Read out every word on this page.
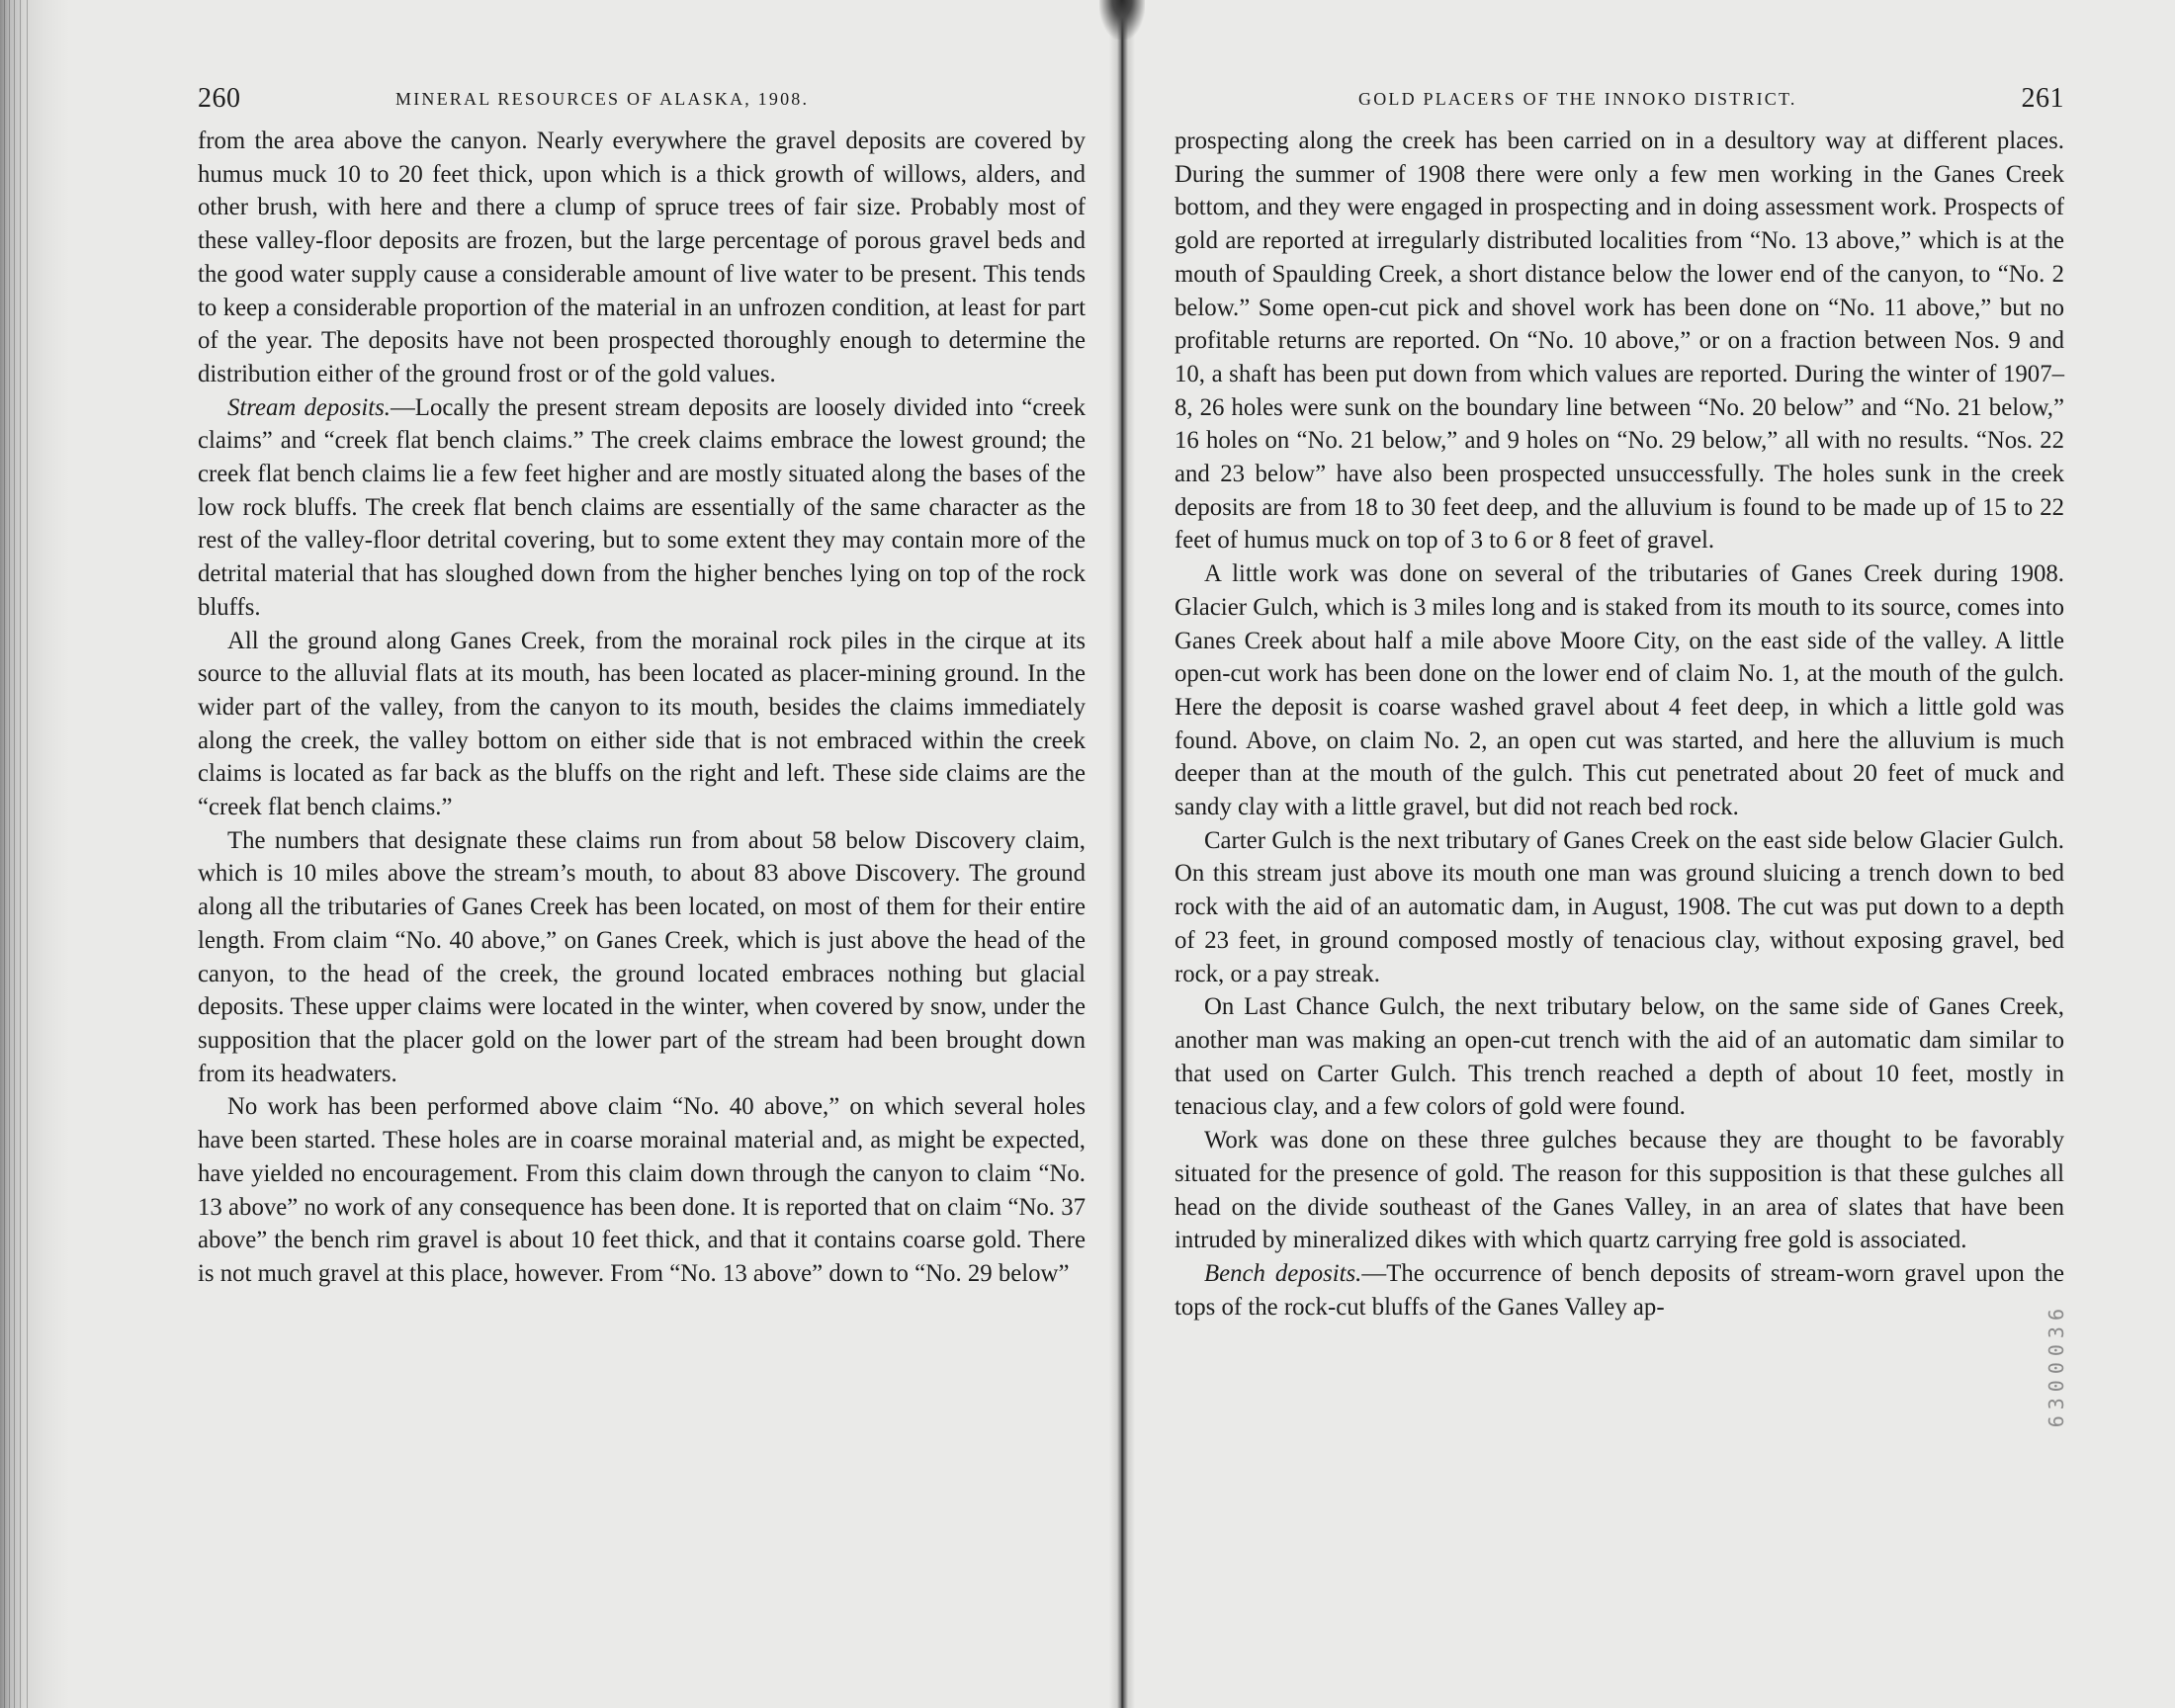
260	MINERAL RESOURCES OF ALASKA, 1908.

from the area above the canyon. Nearly everywhere the gravel deposits are covered by humus muck 10 to 20 feet thick, upon which is a thick growth of willows, alders, and other brush, with here and there a clump of spruce trees of fair size. Probably most of these valley-floor deposits are frozen, but the large percentage of porous gravel beds and the good water supply cause a considerable amount of live water to be present. This tends to keep a considerable proportion of the material in an unfrozen condition, at least for part of the year. The deposits have not been prospected thoroughly enough to determine the distribution either of the ground frost or of the gold values.

Stream deposits.—Locally the present stream deposits are loosely divided into “creek claims” and “creek flat bench claims.” The creek claims embrace the lowest ground; the creek flat bench claims lie a few feet higher and are mostly situated along the bases of the low rock bluffs. The creek flat bench claims are essentially of the same character as the rest of the valley-floor detrital covering, but to some extent they may contain more of the detrital material that has sloughed down from the higher benches lying on top of the rock bluffs.

All the ground along Ganes Creek, from the morainal rock piles in the cirque at its source to the alluvial flats at its mouth, has been located as placer-mining ground. In the wider part of the valley, from the canyon to its mouth, besides the claims immediately along the creek, the valley bottom on either side that is not embraced within the creek claims is located as far back as the bluffs on the right and left. These side claims are the “creek flat bench claims.”

The numbers that designate these claims run from about 58 below Discovery claim, which is 10 miles above the stream’s mouth, to about 83 above Discovery. The ground along all the tributaries of Ganes Creek has been located, on most of them for their entire length. From claim “No. 40 above,” on Ganes Creek, which is just above the head of the canyon, to the head of the creek, the ground located embraces nothing but glacial deposits. These upper claims were located in the winter, when covered by snow, under the supposition that the placer gold on the lower part of the stream had been brought down from its headwaters.

No work has been performed above claim “No. 40 above,” on which several holes have been started. These holes are in coarse morainal material and, as might be expected, have yielded no encouragement. From this claim down through the canyon to claim “No. 13 above” no work of any consequence has been done. It is reported that on claim “No. 37 above” the bench rim gravel is about 10 feet thick, and that it contains coarse gold. There is not much gravel at this place, however. From “No. 13 above” down to “No. 29 below”

GOLD PLACERS OF THE INNOKO DISTRICT.	261

prospecting along the creek has been carried on in a desultory way at different places. During the summer of 1908 there were only a few men working in the Ganes Creek bottom, and they were engaged in prospecting and in doing assessment work. Prospects of gold are reported at irregularly distributed localities from “No. 13 above,” which is at the mouth of Spaulding Creek, a short distance below the lower end of the canyon, to “No. 2 below.” Some open-cut pick and shovel work has been done on “No. 11 above,” but no profitable returns are reported. On “No. 10 above,” or on a fraction between Nos. 9 and 10, a shaft has been put down from which values are reported. During the winter of 1907–8, 26 holes were sunk on the boundary line between “No. 20 below” and “No. 21 below,” 16 holes on “No. 21 below,” and 9 holes on “No. 29 below,” all with no results. “Nos. 22 and 23 below” have also been prospected unsuccessfully. The holes sunk in the creek deposits are from 18 to 30 feet deep, and the alluvium is found to be made up of 15 to 22 feet of humus muck on top of 3 to 6 or 8 feet of gravel.

A little work was done on several of the tributaries of Ganes Creek during 1908. Glacier Gulch, which is 3 miles long and is staked from its mouth to its source, comes into Ganes Creek about half a mile above Moore City, on the east side of the valley. A little open-cut work has been done on the lower end of claim No. 1, at the mouth of the gulch. Here the deposit is coarse washed gravel about 4 feet deep, in which a little gold was found. Above, on claim No. 2, an open cut was started, and here the alluvium is much deeper than at the mouth of the gulch. This cut penetrated about 20 feet of muck and sandy clay with a little gravel, but did not reach bed rock.

Carter Gulch is the next tributary of Ganes Creek on the east side below Glacier Gulch. On this stream just above its mouth one man was ground sluicing a trench down to bed rock with the aid of an automatic dam, in August, 1908. The cut was put down to a depth of 23 feet, in ground composed mostly of tenacious clay, without exposing gravel, bed rock, or a pay streak.

On Last Chance Gulch, the next tributary below, on the same side of Ganes Creek, another man was making an open-cut trench with the aid of an automatic dam similar to that used on Carter Gulch. This trench reached a depth of about 10 feet, mostly in tenacious clay, and a few colors of gold were found.

Work was done on these three gulches because they are thought to be favorably situated for the presence of gold. The reason for this supposition is that these gulches all head on the divide southeast of the Ganes Valley, in an area of slates that have been intruded by mineralized dikes with which quartz carrying free gold is associated.

Bench deposits.—The occurrence of bench deposits of stream-worn gravel upon the tops of the rock-cut bluffs of the Ganes Valley ap-	6300036
